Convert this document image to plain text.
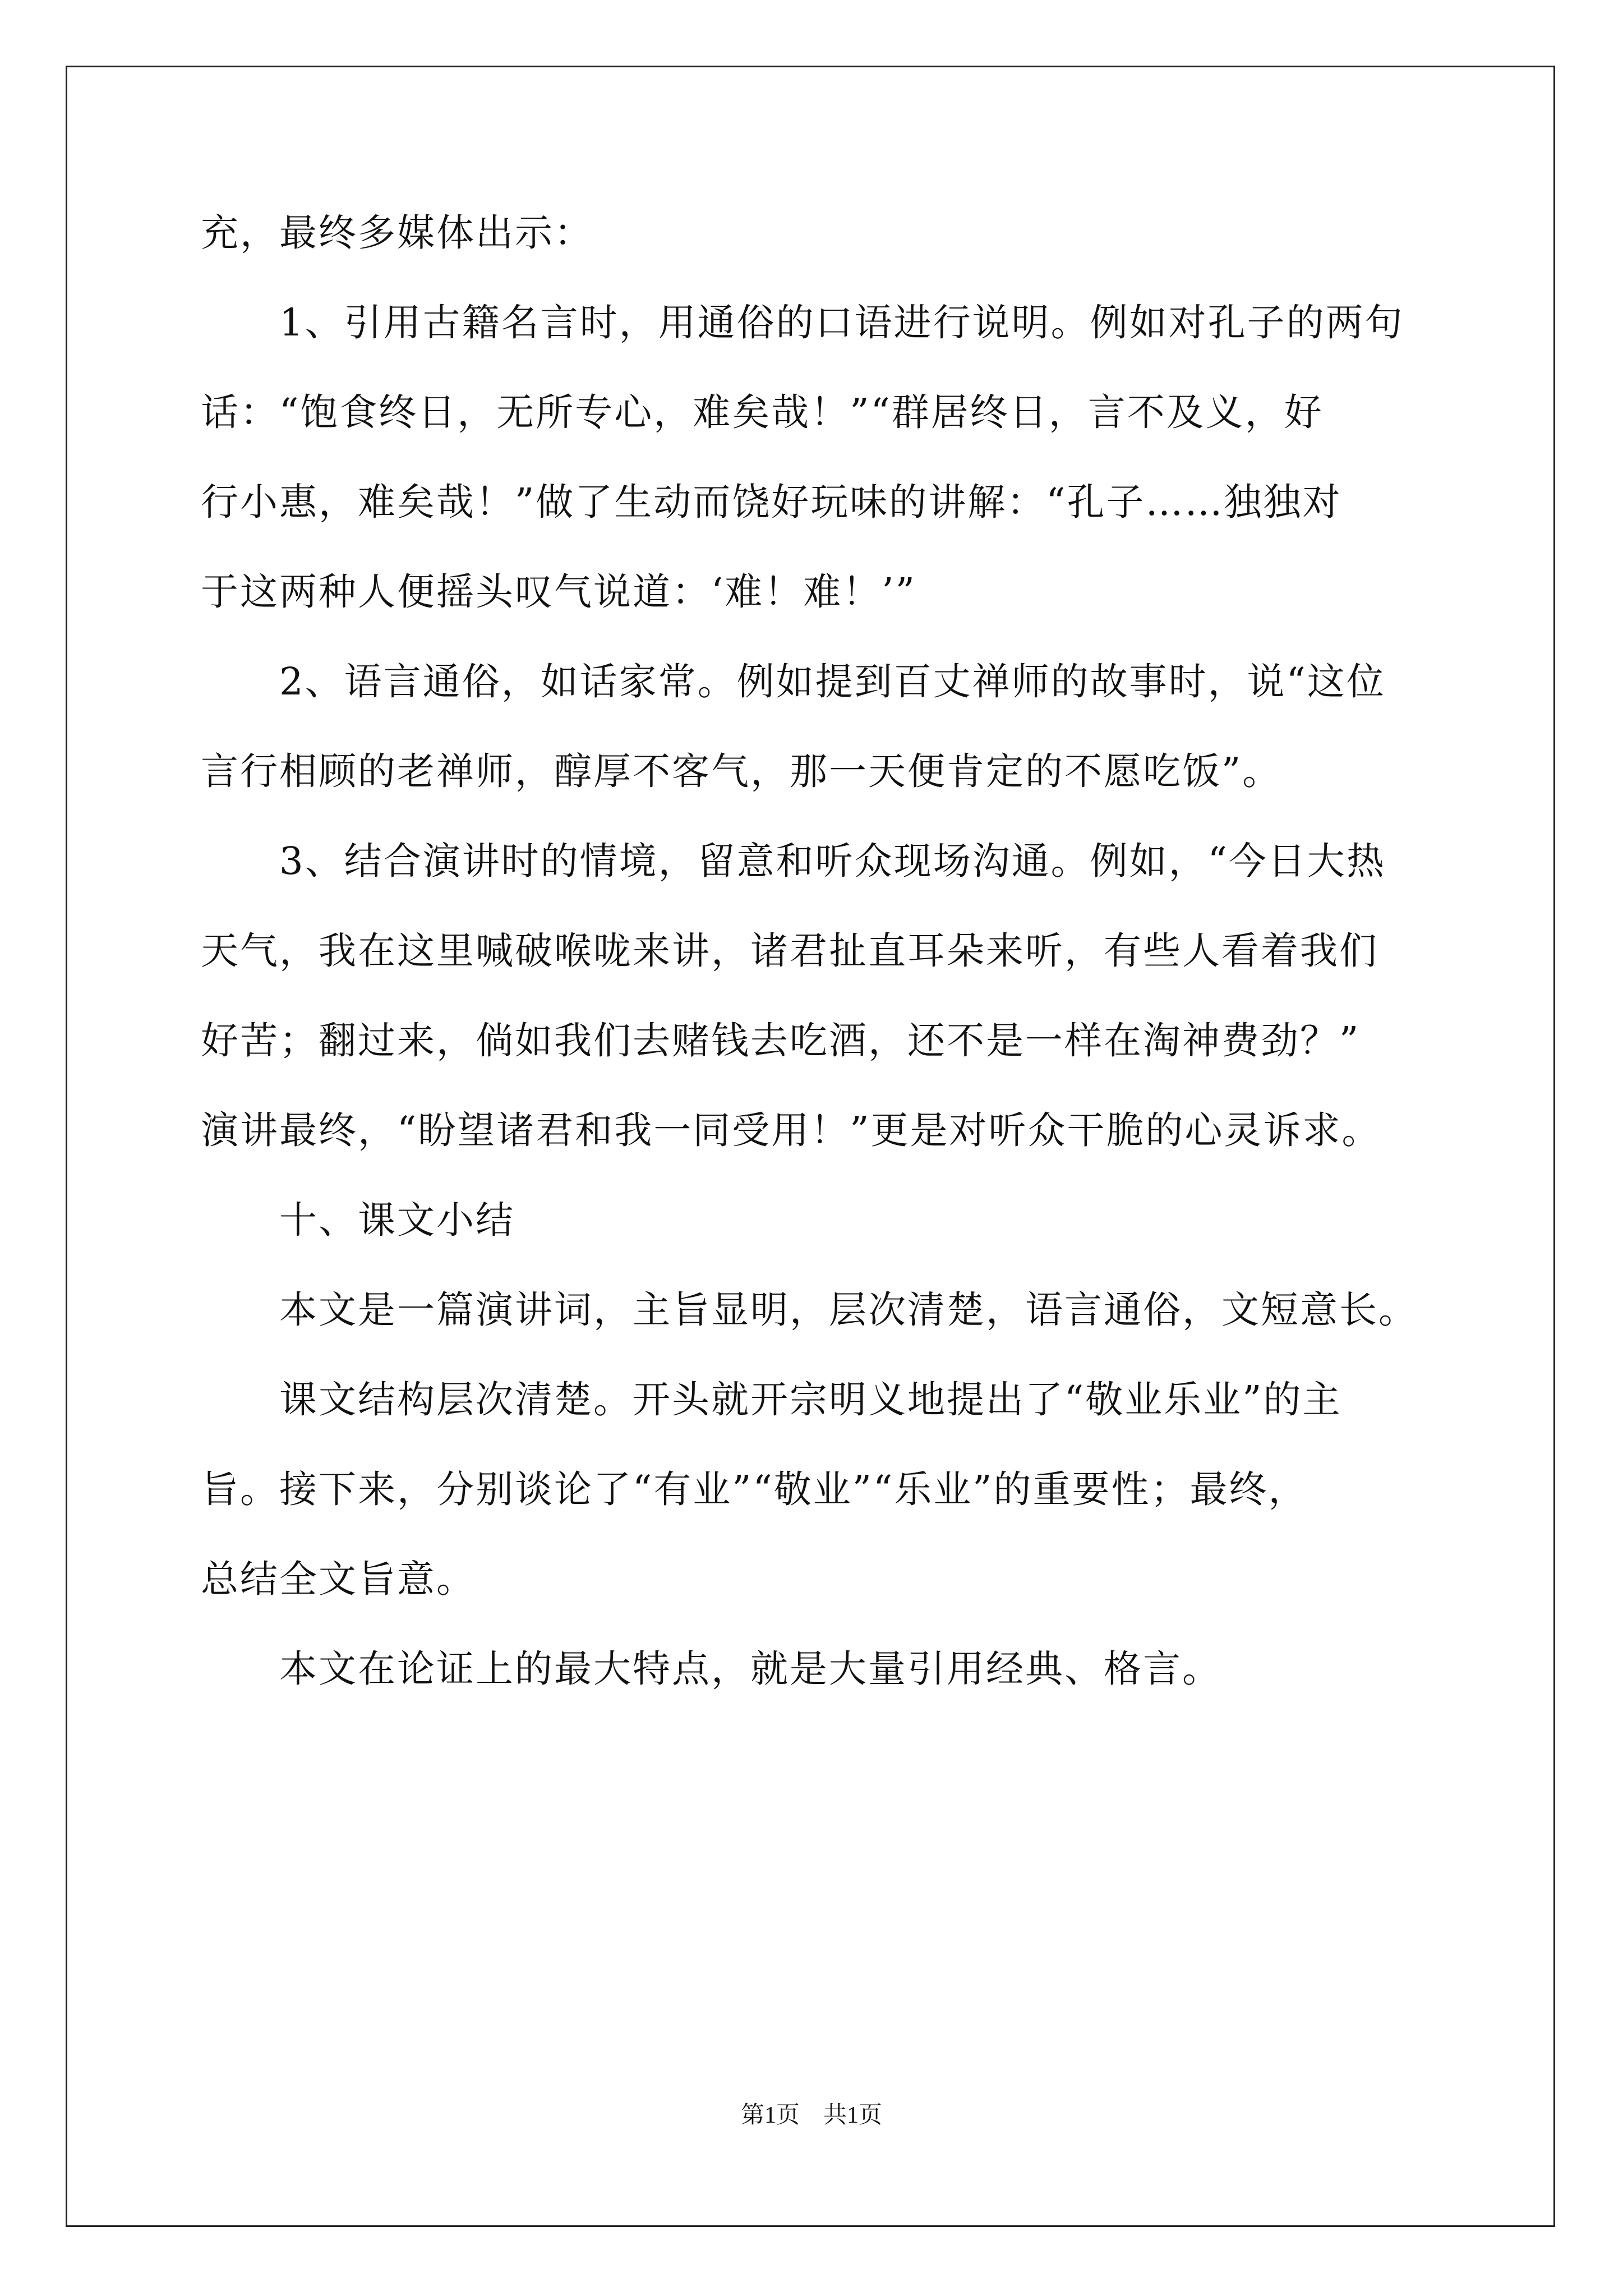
充，最终多媒体出示：
　　1、引用古籍名言时，用通俗的口语进行说明。例如对孔子的两句
话：“饱食终日，无所专心，难矣哉！”“群居终日，言不及义，好
行小惠，难矣哉！”做了生动而饶好玩味的讲解：“孔子……独独对
于这两种人便摇头叹气说道：‘难！难！’”
　　2、语言通俗，如话家常。例如提到百丈禅师的故事时，说“这位
言行相顾的老禅师，醇厚不客气，那一天便肯定的不愿吃饭”。
　　3、结合演讲时的情境，留意和听众现场沟通。例如，“今日大热
天气，我在这里喊破喉咙来讲，诸君扯直耳朵来听，有些人看着我们
好苦；翻过来，倘如我们去赌钱去吃酒，还不是一样在淘神费劲？”
演讲最终，“盼望诸君和我一同受用！”更是对听众干脆的心灵诉求。
　　十、课文小结
　　本文是一篇演讲词，主旨显明，层次清楚，语言通俗，文短意长。
　　课文结构层次清楚。开头就开宗明义地提出了“敬业乐业”的主
旨。接下来，分别谈论了“有业”“敬业”“乐业”的重要性；最终，
总结全文旨意。
　　本文在论证上的最大特点，就是大量引用经典、格言。
第1页　共1页
